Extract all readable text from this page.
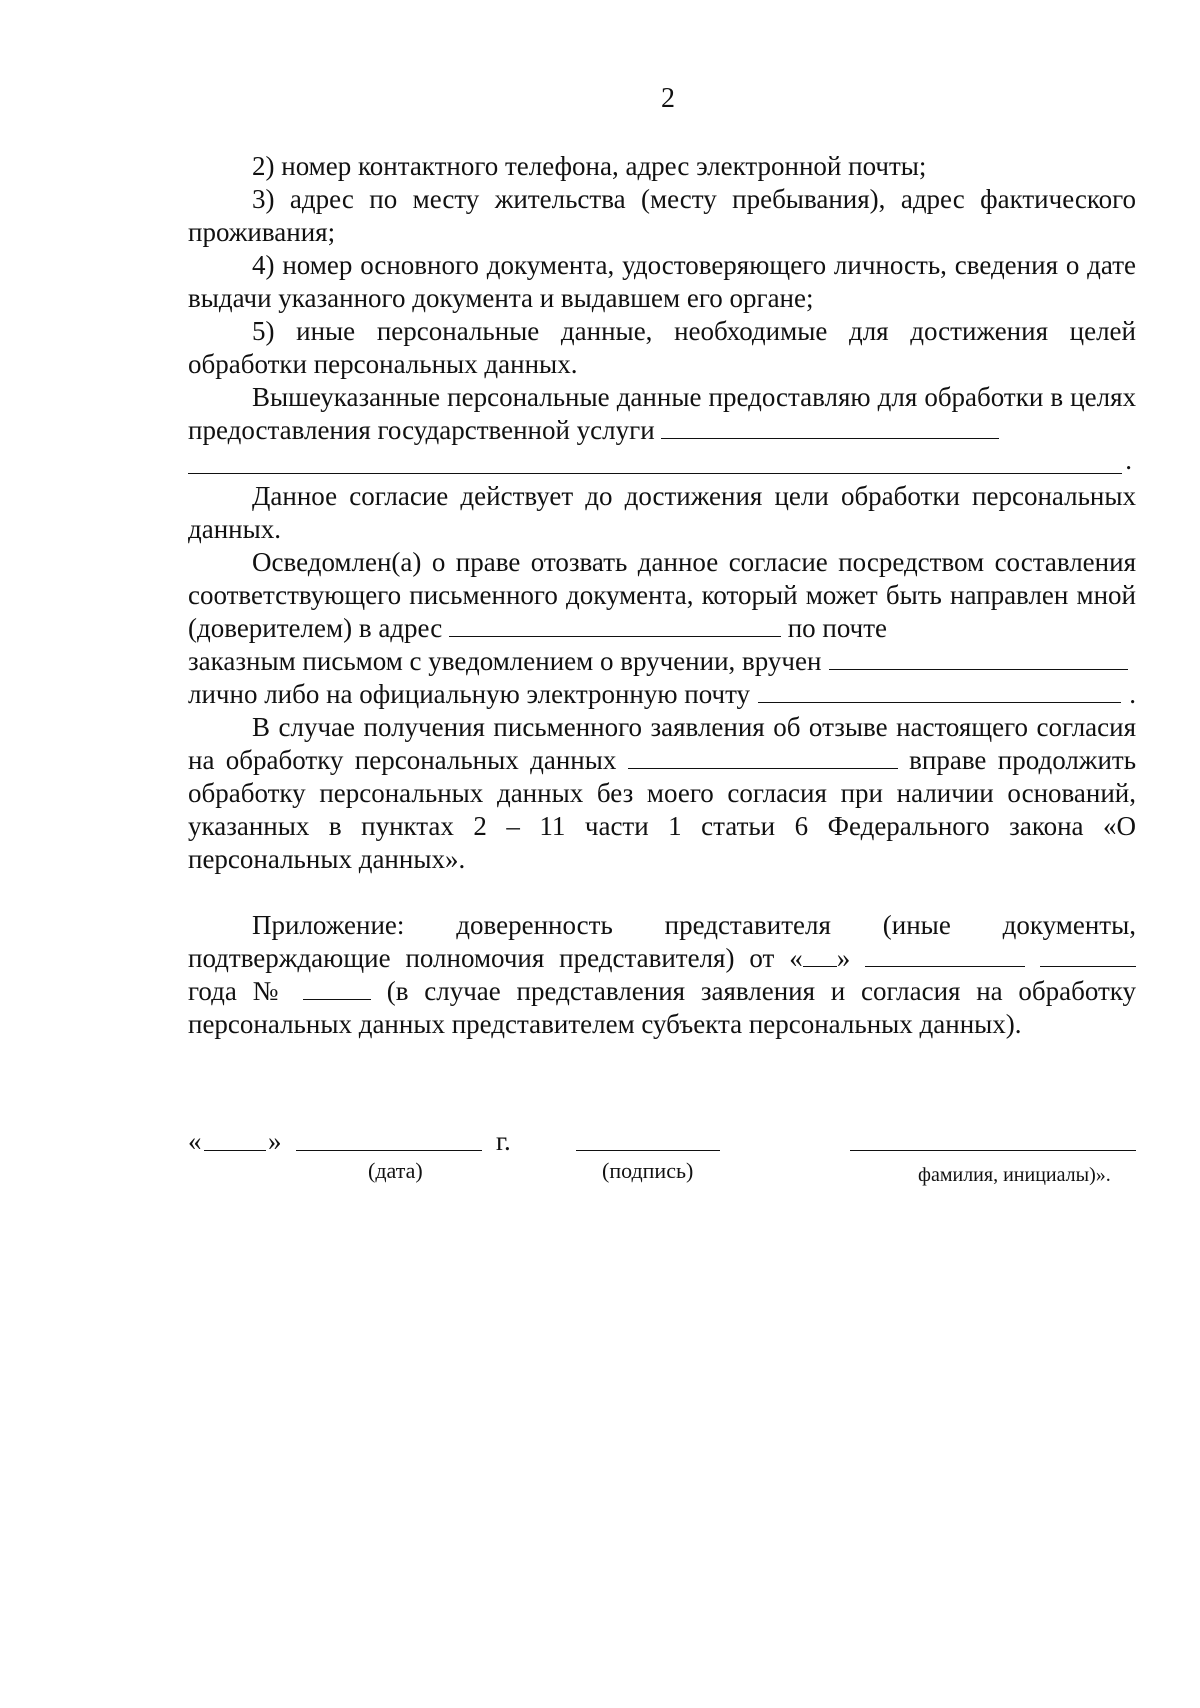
2

2) номер контактного телефона, адрес электронной почты;

3) адрес по месту жительства (месту пребывания), адрес фактического проживания;

4) номер основного документа, удостоверяющего личность, сведения о дате выдачи указанного документа и выдавшем его органе;

5) иные персональные данные, необходимые для достижения целей обработки персональных данных.

Вышеуказанные персональные данные предоставляю для обработки в целях предоставления государственной услуги

.

Данное согласие действует до достижения цели обработки персональных данных.

Осведомлен(а) о праве отозвать данное согласие посредством составления соответствующего письменного документа, который может быть направлен мной (доверителем) в адрес	по почте

заказным письмом с уведомлением о вручении, вручен
лично либо на официальную электронную почту	.

В случае получения письменного заявления об отзыве настоящего согласия на обработку персональных данных	вправе продолжить обработку персональных данных без моего согласия при наличии оснований, указанных в пунктах 2 – 11 части 1 статьи 6 Федерального закона «О персональных данных».

Приложение: доверенность представителя (иные документы, подтверждающие полномочия представителя) от « »   года №	(в случае представления заявления и согласия на обработку персональных данных представителем субъекта персональных данных).

« »	г.
(дата)	(подпись)	фамилия, инициалы)».
